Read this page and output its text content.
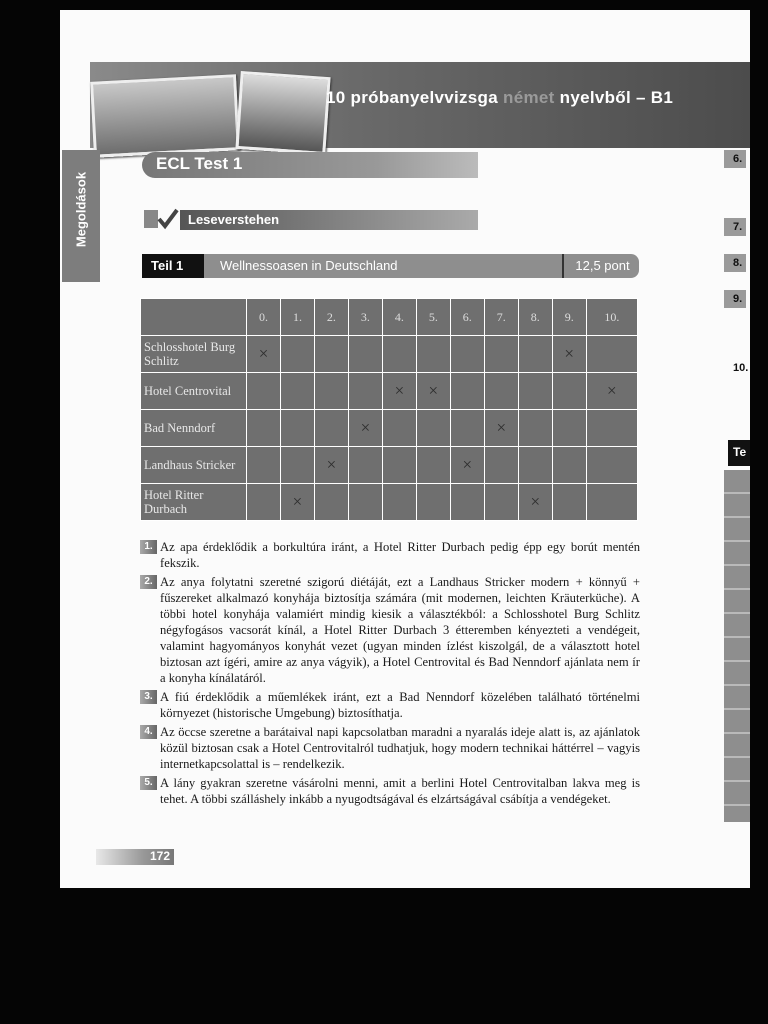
10 próbanyelvvizsga német nyelvből – B1
Megoldások
ECL Test 1
Leseverstehen
Teil 1	Wellnessoasen in Deutschland	12,5 pont
	0.	1.	2.	3.	4.	5.	6.	7.	8.	9.	10.
Schlosshotel Burg Schlitz	×									×	
Hotel Centrovital					×	×					×
Bad Nenndorf				×				×			
Landhaus Stricker			×				×				
Hotel Ritter Durbach		×							×		
1. Az apa érdeklődik a borkultúra iránt, a Hotel Ritter Durbach pedig épp egy borút mentén fekszik.
2. Az anya folytatni szeretné szigorú diétáját, ezt a Landhaus Stricker modern + könnyű + fűszereket alkalmazó konyhája biztosítja számára (mit modernen, leichten Kräuterküche). A többi hotel konyhája valamiért mindig kiesik a választékból: a Schlosshotel Burg Schlitz négyfogásos vacsorát kínál, a Hotel Ritter Durbach 3 étteremben kényezteti a vendégeit, valamint hagyományos konyhát vezet (ugyan minden ízlést kiszolgál, de a választott hotel biztosan azt ígéri, amire az anya vágyik), a Hotel Centrovital és Bad Nenndorf ajánlata nem ír a konyha kínálatáról.
3. A fiú érdeklődik a műemlékek iránt, ezt a Bad Nenndorf közelében található történelmi környezet (historische Umgebung) biztosíthatja.
4. Az öccse szeretne a barátaival napi kapcsolatban maradni a nyaralás ideje alatt is, az ajánlatok közül biztosan csak a Hotel Centrovitalról tudhatjuk, hogy modern technikai háttérrel – vagyis internetkapcsolattal is – rendelkezik.
5. A lány gyakran szeretne vásárolni menni, amit a berlini Hotel Centrovitalban lakva meg is tehet. A többi szálláshely inkább a nyugodtságával és elzártságával csábítja a vendégeket.
172
6.
7.
8.
9.
10.
Te
